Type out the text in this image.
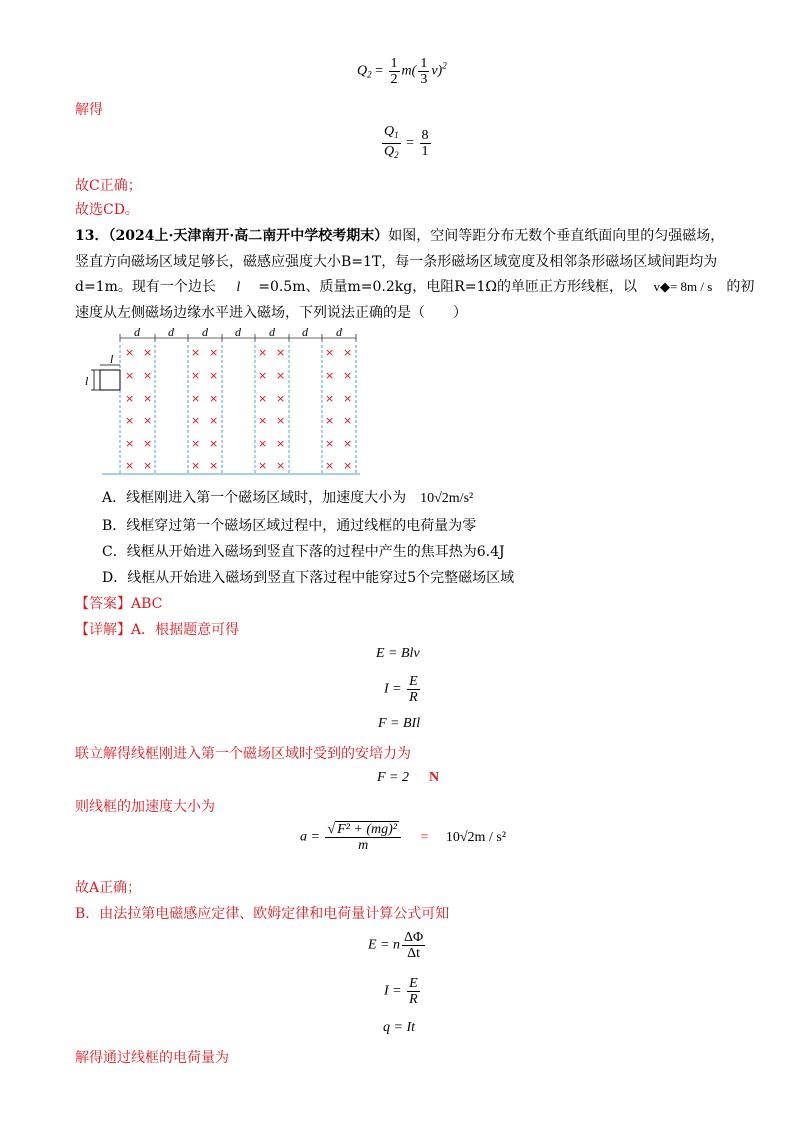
$Q_2 = \frac{1}{2} m( \frac{1}{3} v)^2$
解得
$\frac{Q_1}{Q_2} = \frac{8}{1}$
故C正确；
故选CD。
13．（2024上·天津南开·高二南开中学校考期末）如图，空间等距分布无数个垂直纸面向里的匀强磁场，
竖直方向磁场区域足够长，磁感应强度大小B=1T，每一条形磁场区域宽度及相邻条形磁场区域间距均为
d=1m。现有一个边长 l =0.5m、质量m=0.2kg，电阻R=1Ω的单匝正方形线框，以 v◆= 8m / s 的初
速度从左侧磁场边缘水平进入磁场，下列说法正确的是（　　）
d d d d d d d
l
l ×
×
×
×
×
×
×
×
×
×
×
×
×
×
×
×
×
×
×
×
×
×
×
×
×
×
×
×
×
×
×
×
×
×
×
×
×
×
×
×
×
×
×
×
×
×
×
×
A．线框刚进入第一个磁场区域时，加速度大小为 10√2m/s²
B．线框穿过第一个磁场区域过程中，通过线框的电荷量为零
C．线框从开始进入磁场到竖直下落的过程中产生的焦耳热为6.4J
D．线框从开始进入磁场到竖直下落过程中能穿过5个完整磁场区域
【答案】ABC
【详解】A．根据题意可得
E = Blv
$I = \frac{E}{R}$
F = BIl
联立解得线框刚进入第一个磁场区域时受到的安培力为
F = 2 N
则线框的加速度大小为
$a = \frac{\text{√ F² + (mg)²}}{m} = 10√2m / s^2$
故A正确；
B．由法拉第电磁感应定律、欧姆定律和电荷量计算公式可知
E = n $\frac{\Delta\Phi}{\Delta t}$
$I = \frac{E}{R}$
q = It
解得通过线框的电荷量为
